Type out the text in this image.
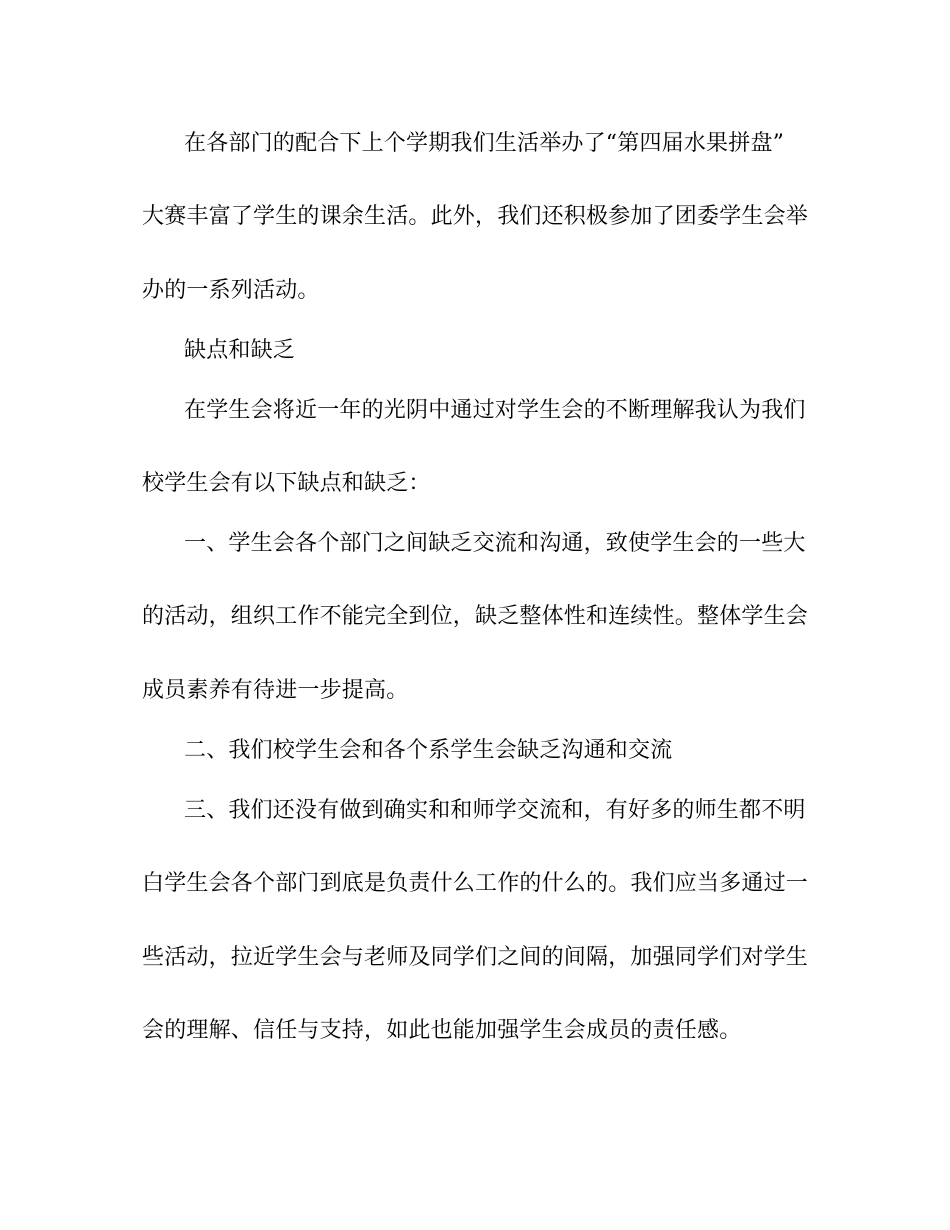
在各部门的配合下上个学期我们生活举办了“第四届水果拼盘”
大赛丰富了学生的课余生活。此外，我们还积极参加了团委学生会举
办的一系列活动。
缺点和缺乏
在学生会将近一年的光阴中通过对学生会的不断理解我认为我们
校学生会有以下缺点和缺乏：
一、学生会各个部门之间缺乏交流和沟通，致使学生会的一些大
的活动，组织工作不能完全到位，缺乏整体性和连续性。整体学生会
成员素养有待进一步提高。
二、我们校学生会和各个系学生会缺乏沟通和交流
三、我们还没有做到确实和和师学交流和，有好多的师生都不明
白学生会各个部门到底是负责什么工作的什么的。我们应当多通过一
些活动，拉近学生会与老师及同学们之间的间隔，加强同学们对学生
会的理解、信任与支持，如此也能加强学生会成员的责任感。
